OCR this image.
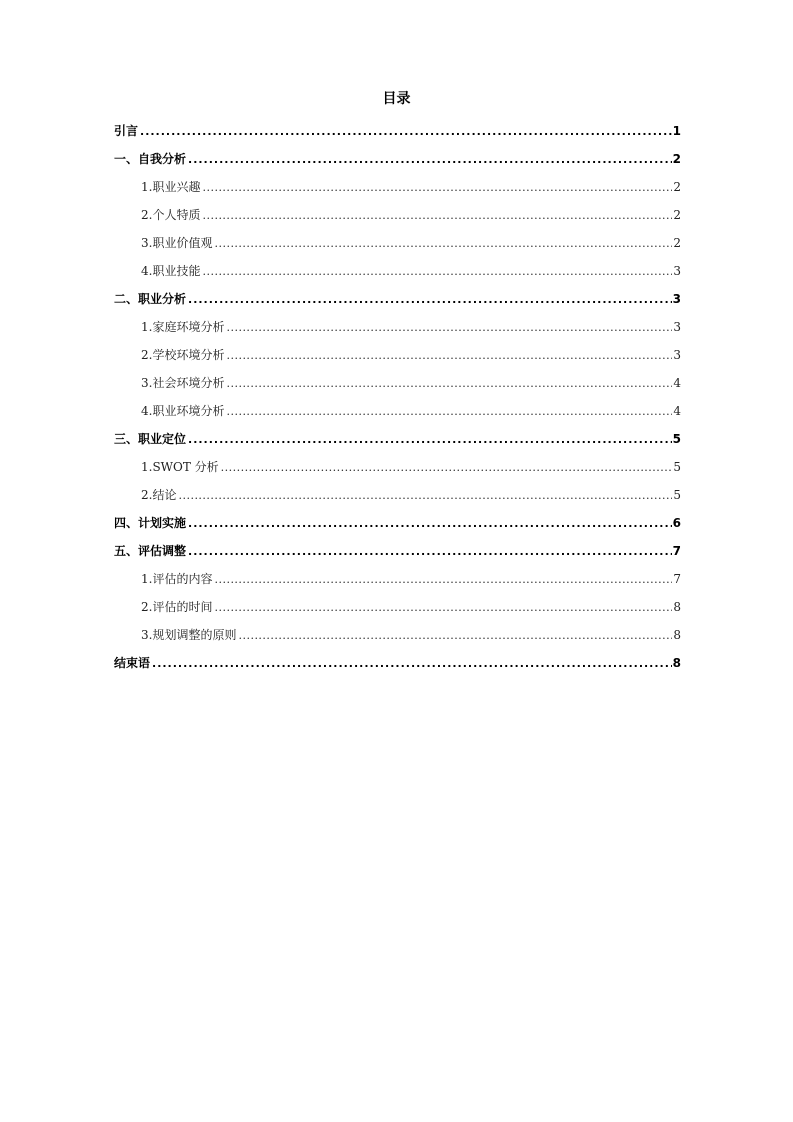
目录
引言 .....	1
一、自我分析 .....	2
1.职业兴趣 .....	2
2.个人特质 .....	2
3.职业价值观 .....	2
4.职业技能 .....	3
二、职业分析 .....	3
1.家庭环境分析 .....	3
2.学校环境分析 .....	3
3.社会环境分析 .....	4
4.职业环境分析 .....	4
三、职业定位 .....	5
1.SWOT 分析 .....	5
2.结论 .....	5
四、计划实施 .....	6
五、评估调整 .....	7
1.评估的内容 .....	7
2.评估的时间 .....	8
3.规划调整的原则 .....	8
结束语 .....	8
